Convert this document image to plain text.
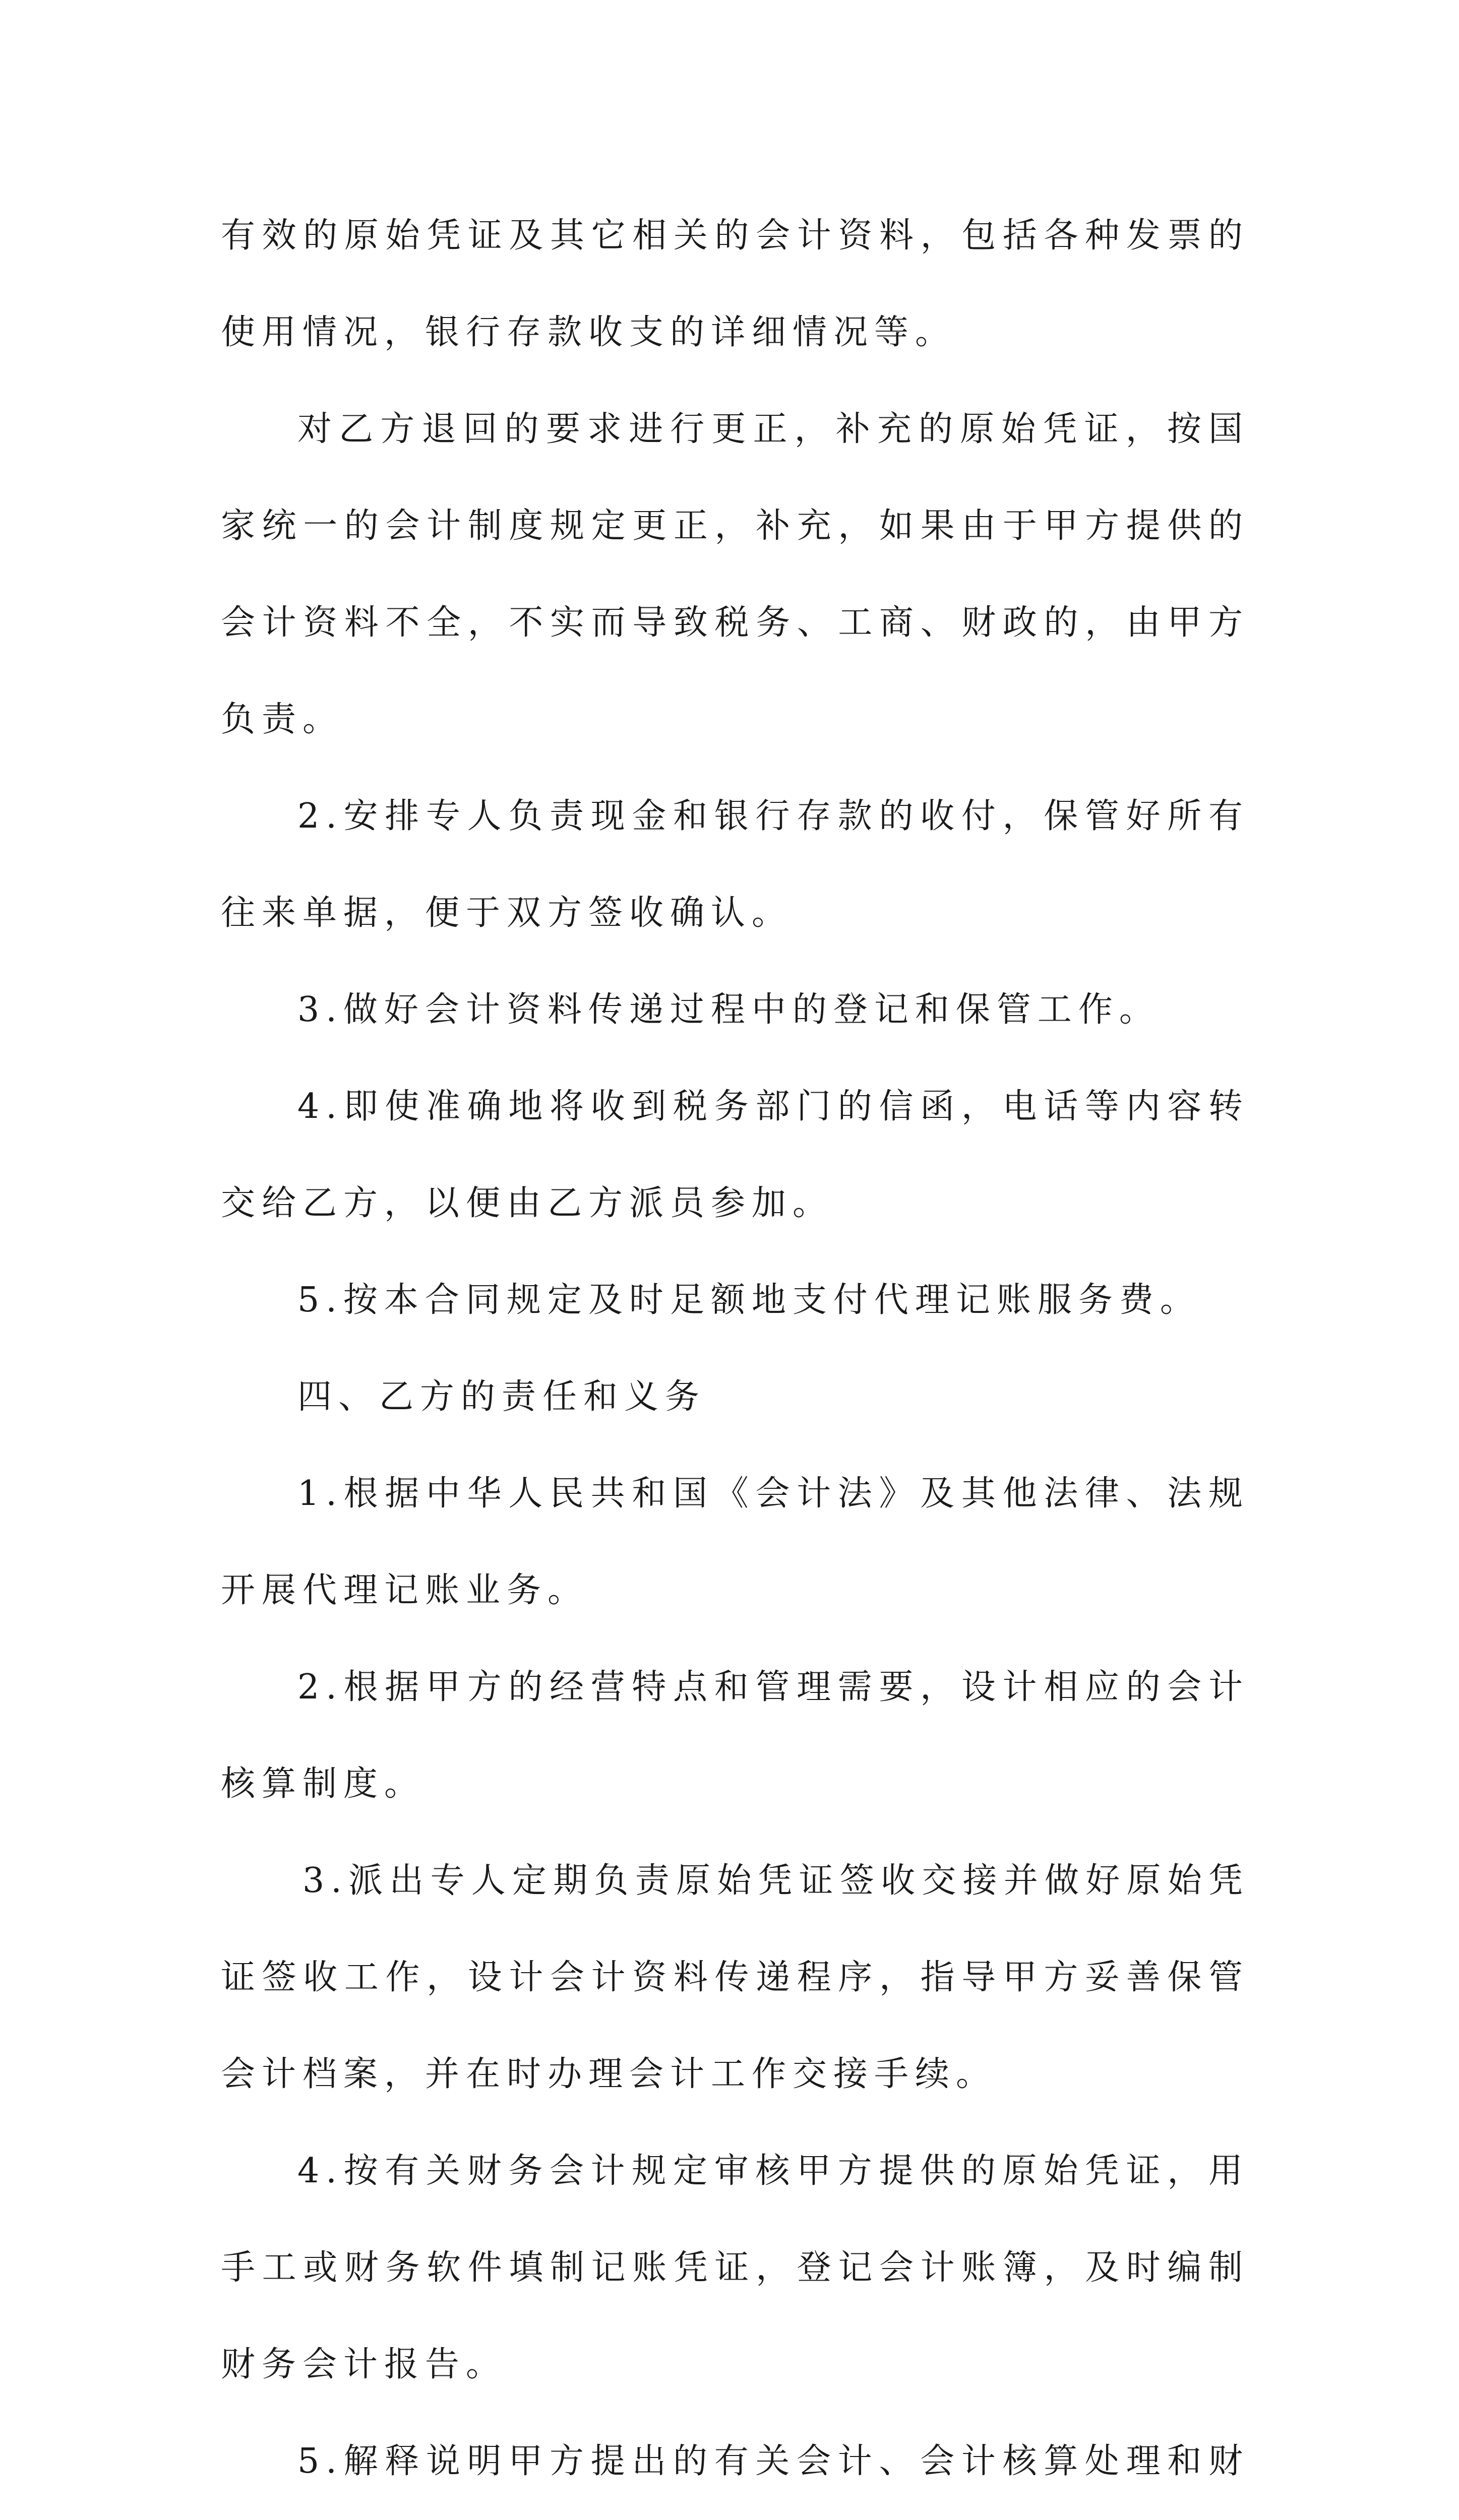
有效的原始凭证及其它相关的会计资料，包括各种发票的使用情况，银行存款收支的详细情况等。

对乙方退回的要求进行更正，补充的原始凭证，按国家统一的会计制度规定更正，补充，如果由于甲方提供的会计资料不全，不实而导致税务、工商、财政的，由甲方负责。

2.安排专人负责现金和银行存款的收付，保管好所有往来单据，便于双方签收确认。

3.做好会计资料传递过程中的登记和保管工作。

4.即使准确地将收到税务部门的信函，电话等内容转交给乙方，以便由乙方派员参加。

5.按本合同规定及时足额地支付代理记账服务费。

四、乙方的责任和义务

1.根据中华人民共和国《会计法》及其他法律、法规开展代理记账业务。

2.根据甲方的经营特点和管理需要，设计相应的会计核算制度。

3.派出专人定期负责原始凭证签收交接并做好原始凭证签收工作，设计会计资料传递程序，指导甲方妥善保管会计档案，并在时办理会计工作交接手续。

4.按有关财务会计规定审核甲方提供的原始凭证，用手工或财务软件填制记账凭证，登记会计账簿，及时编制财务会计报告。

5.解释说明甲方提出的有关会计、会计核算处理和财
